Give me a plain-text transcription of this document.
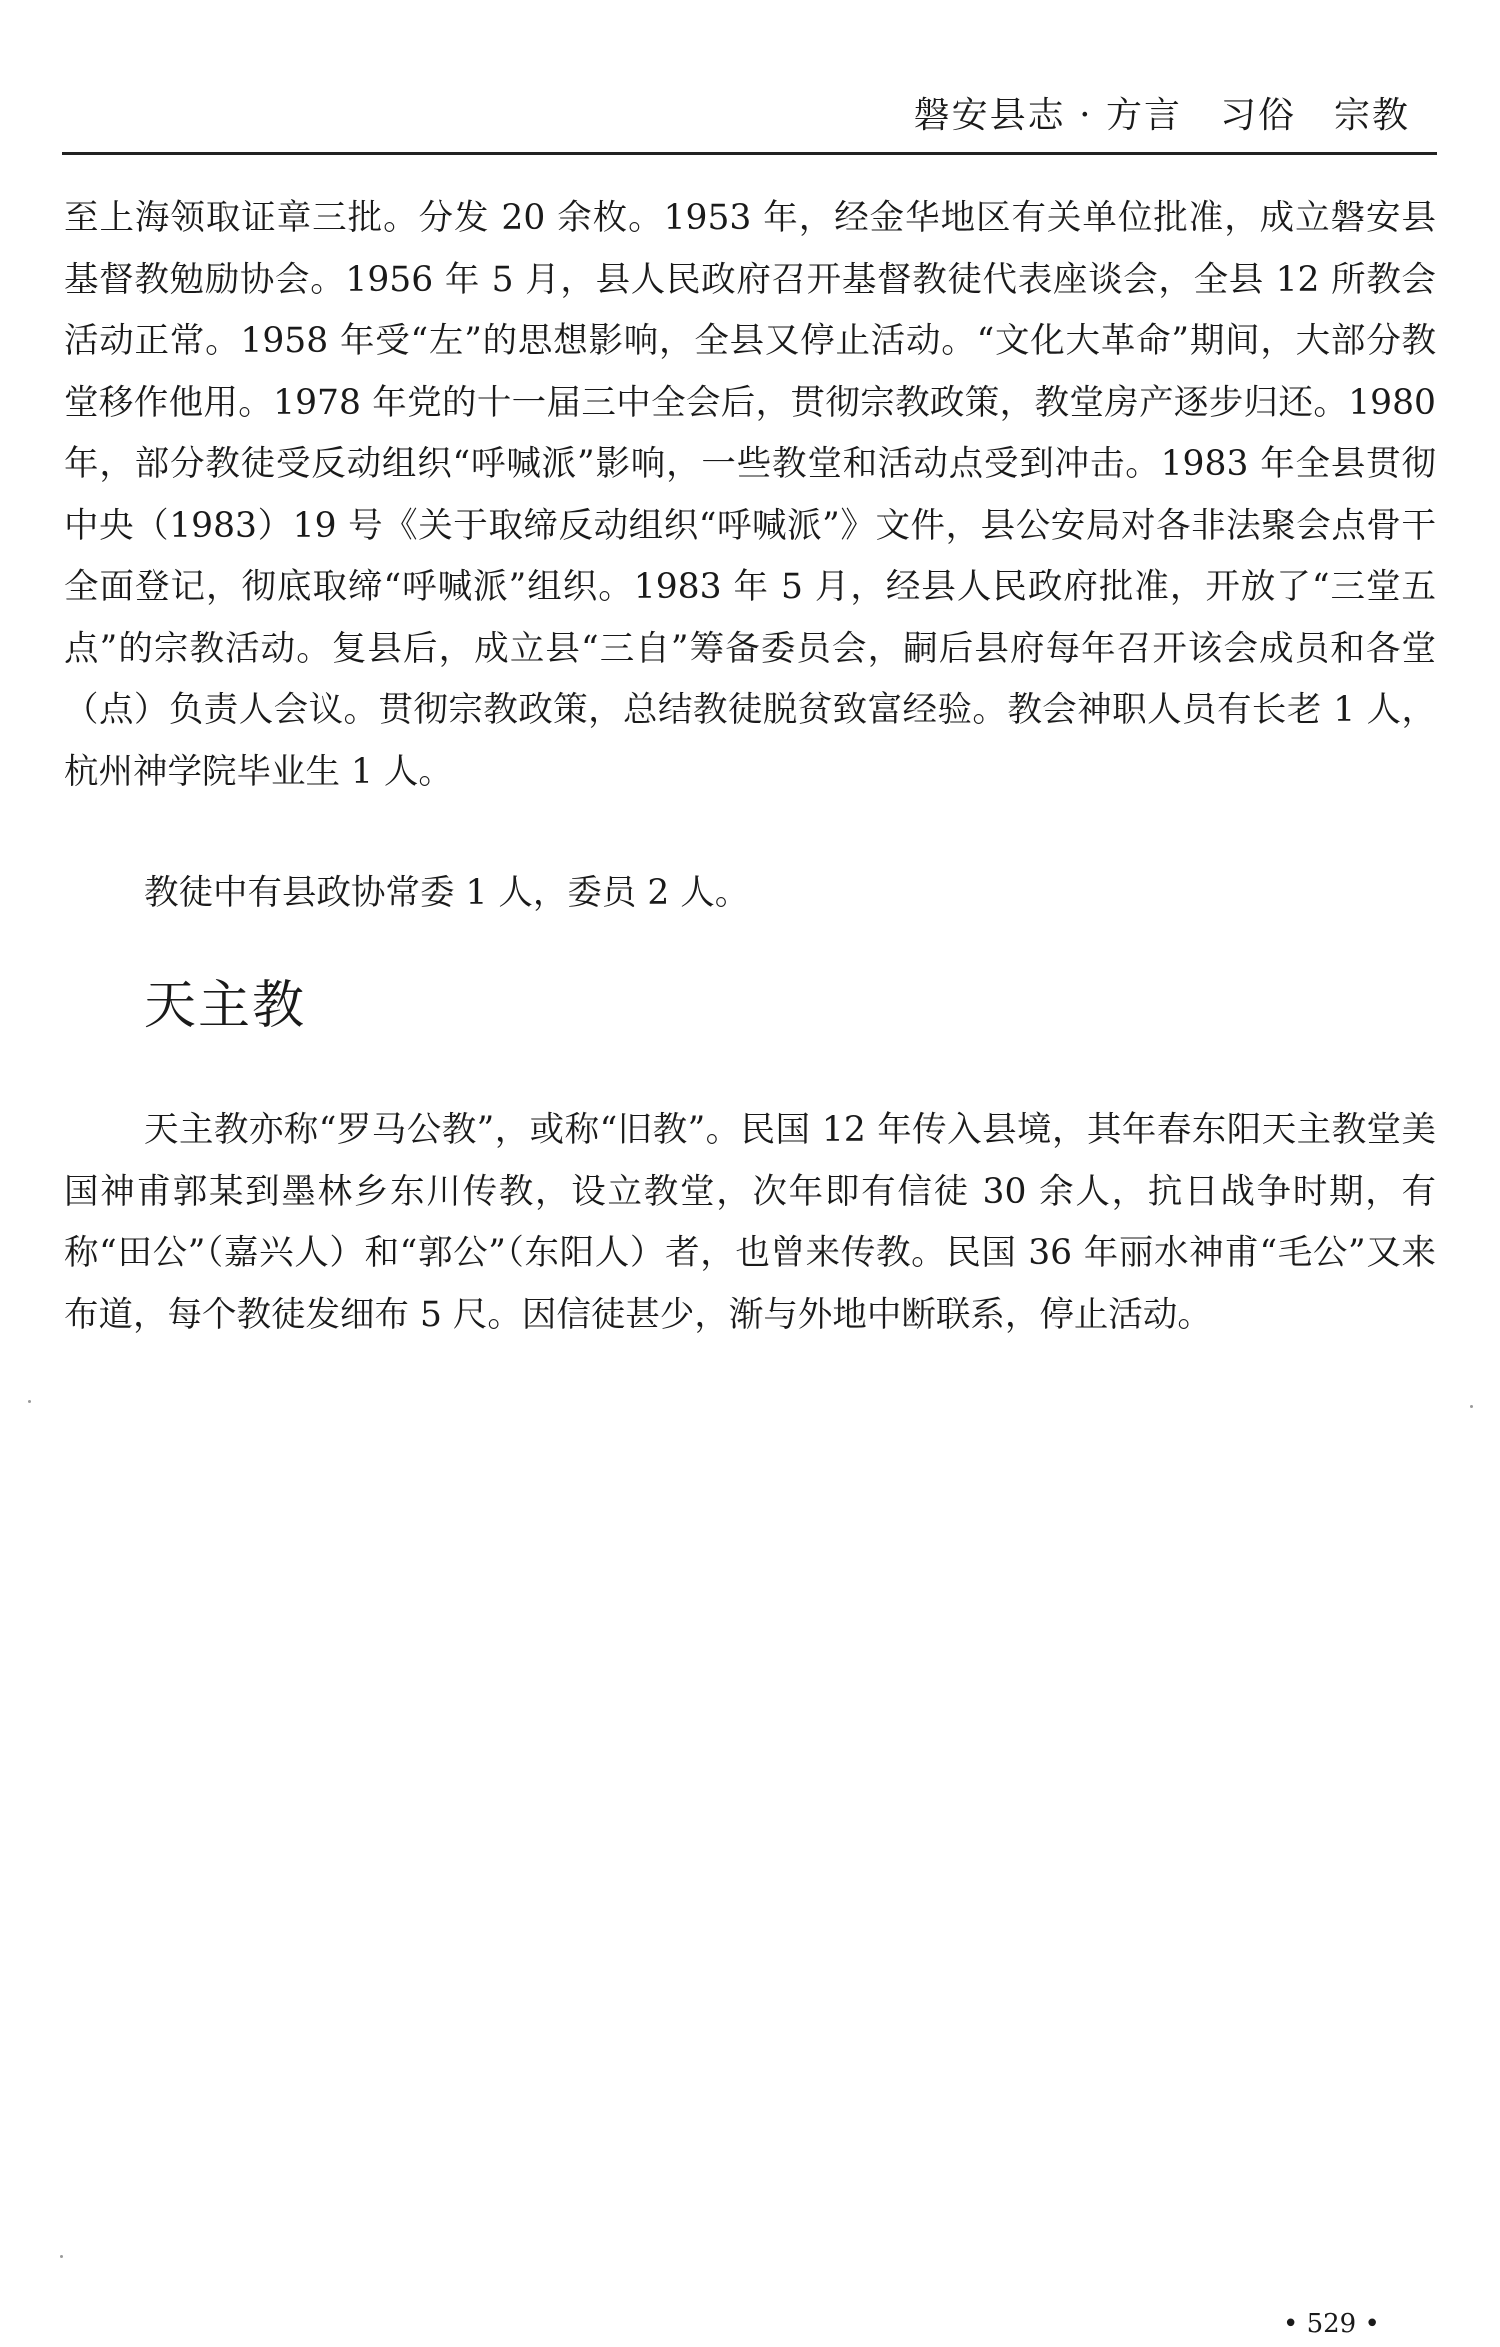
磐安县志 · 方言　习俗　宗教

至上海领取证章三批。分发 20 余枚。1953 年，经金华地区有关单位批准，成立磐安县基督教勉励协会。1956 年 5 月，县人民政府召开基督教徒代表座谈会，全县 12 所教会活动正常。1958 年受“左”的思想影响，全县又停止活动。“文化大革命”期间，大部分教堂移作他用。1978 年党的十一届三中全会后，贯彻宗教政策，教堂房产逐步归还。1980 年，部分教徒受反动组织“呼喊派”影响，一些教堂和活动点受到冲击。1983 年全县贯彻中央（1983）19 号《关于取缔反动组织“呼喊派”》文件，县公安局对各非法聚会点骨干全面登记，彻底取缔“呼喊派”组织。1983 年 5 月，经县人民政府批准，开放了“三堂五点”的宗教活动。复县后，成立县“三自”筹备委员会，嗣后县府每年召开该会成员和各堂（点）负责人会议。贯彻宗教政策，总结教徒脱贫致富经验。教会神职人员有长老 1 人，杭州神学院毕业生 1 人。

教徒中有县政协常委 1 人，委员 2 人。

天主教

天主教亦称“罗马公教”，或称“旧教”。民国 12 年传入县境，其年春东阳天主教堂美国神甫郭某到墨林乡东川传教，设立教堂，次年即有信徒 30 余人，抗日战争时期，有称“田公”（嘉兴人）和“郭公”（东阳人）者，也曾来传教。民国 36 年丽水神甫“毛公”又来布道，每个教徒发细布 5 尺。因信徒甚少，渐与外地中断联系，停止活动。

• 529 •
